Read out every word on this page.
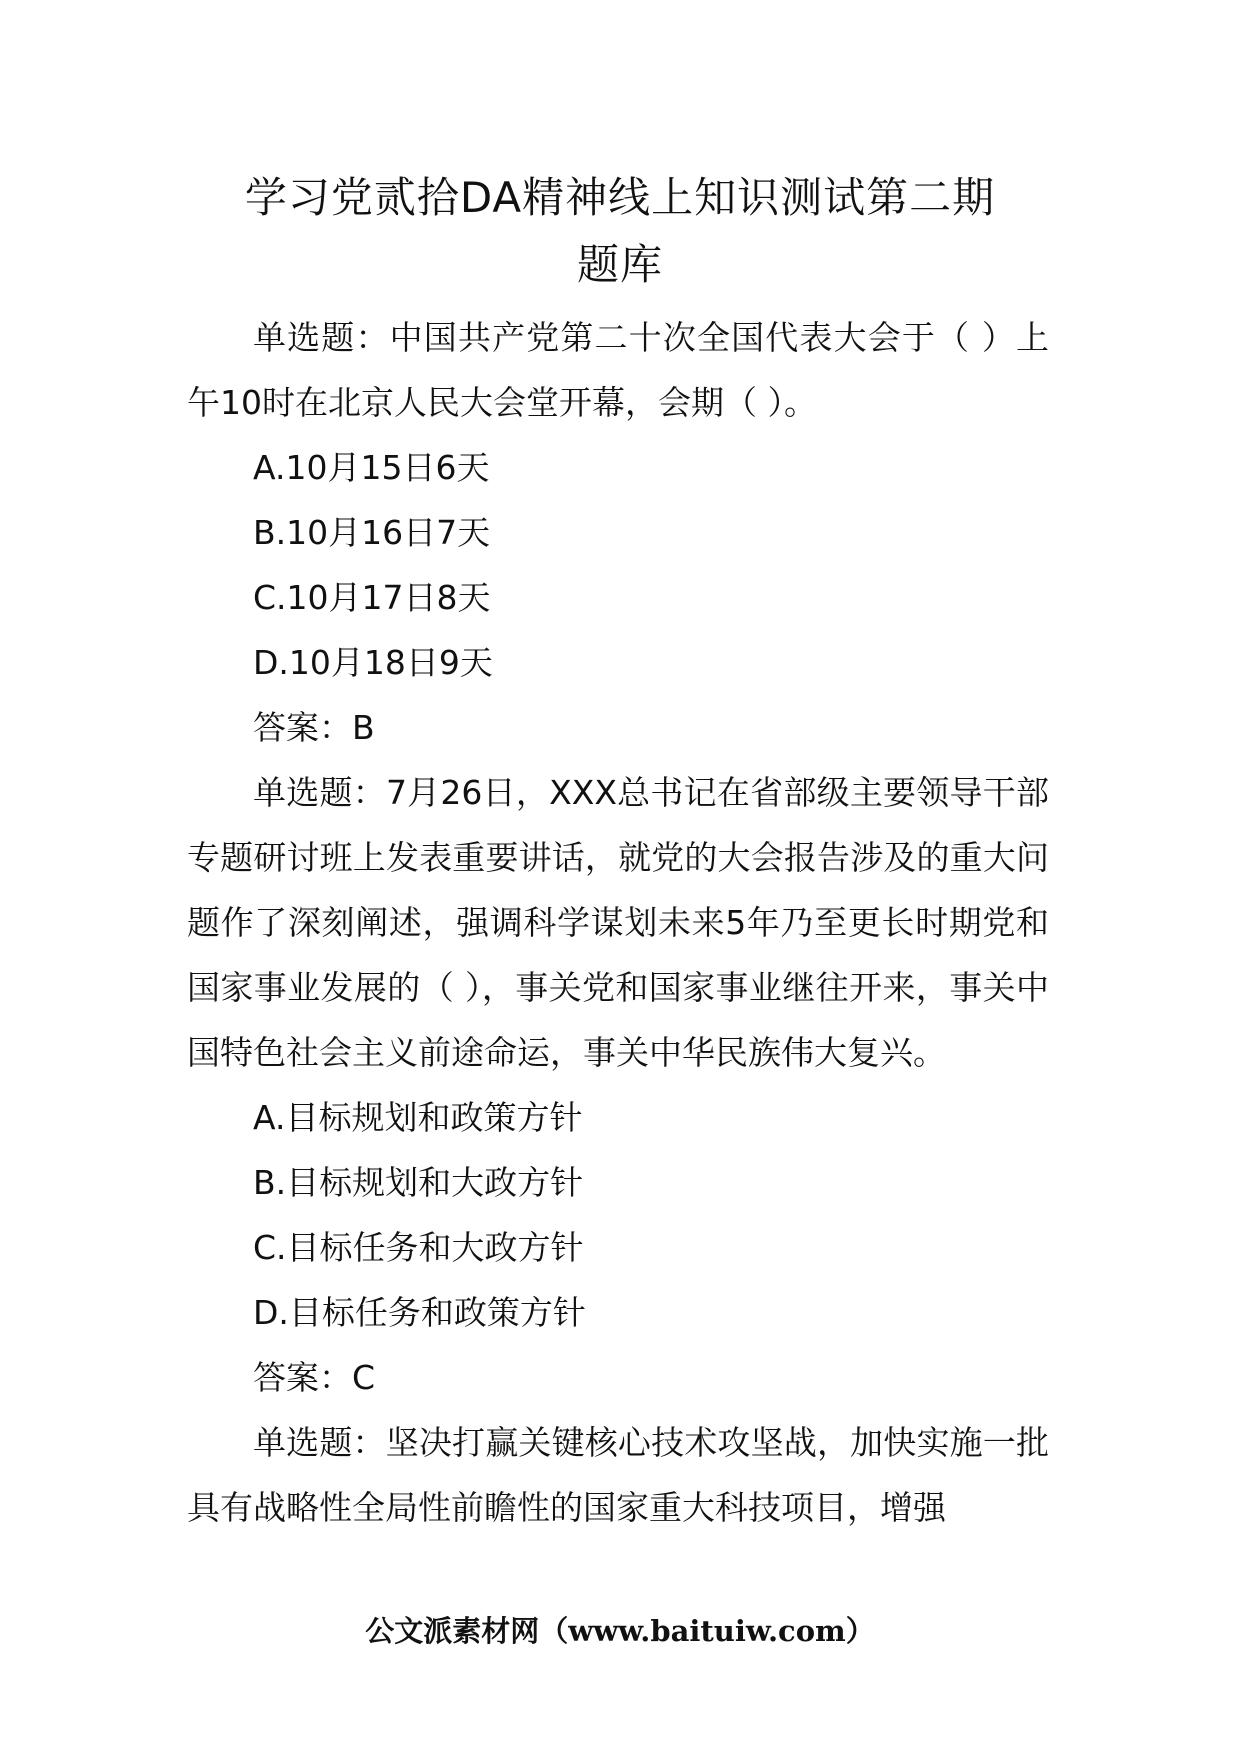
学习党贰拾DA精神线上知识测试第二期
题库

单选题：中国共产党第二十次全国代表大会于（ ）上午10时在北京人民大会堂开幕，会期（ ）。

A.10月15日6天

B.10月16日7天

C.10月17日8天

D.10月18日9天

答案：B

单选题：7月26日，XXX总书记在省部级主要领导干部专题研讨班上发表重要讲话，就党的大会报告涉及的重大问题作了深刻阐述，强调科学谋划未来5年乃至更长时期党和国家事业发展的（ ），事关党和国家事业继往开来，事关中国特色社会主义前途命运，事关中华民族伟大复兴。

A.目标规划和政策方针

B.目标规划和大政方针

C.目标任务和大政方针

D.目标任务和政策方针

答案：C

单选题：坚决打赢关键核心技术攻坚战，加快实施一批具有战略性全局性前瞻性的国家重大科技项目，增强

公文派素材网（www.baituiw.com）
